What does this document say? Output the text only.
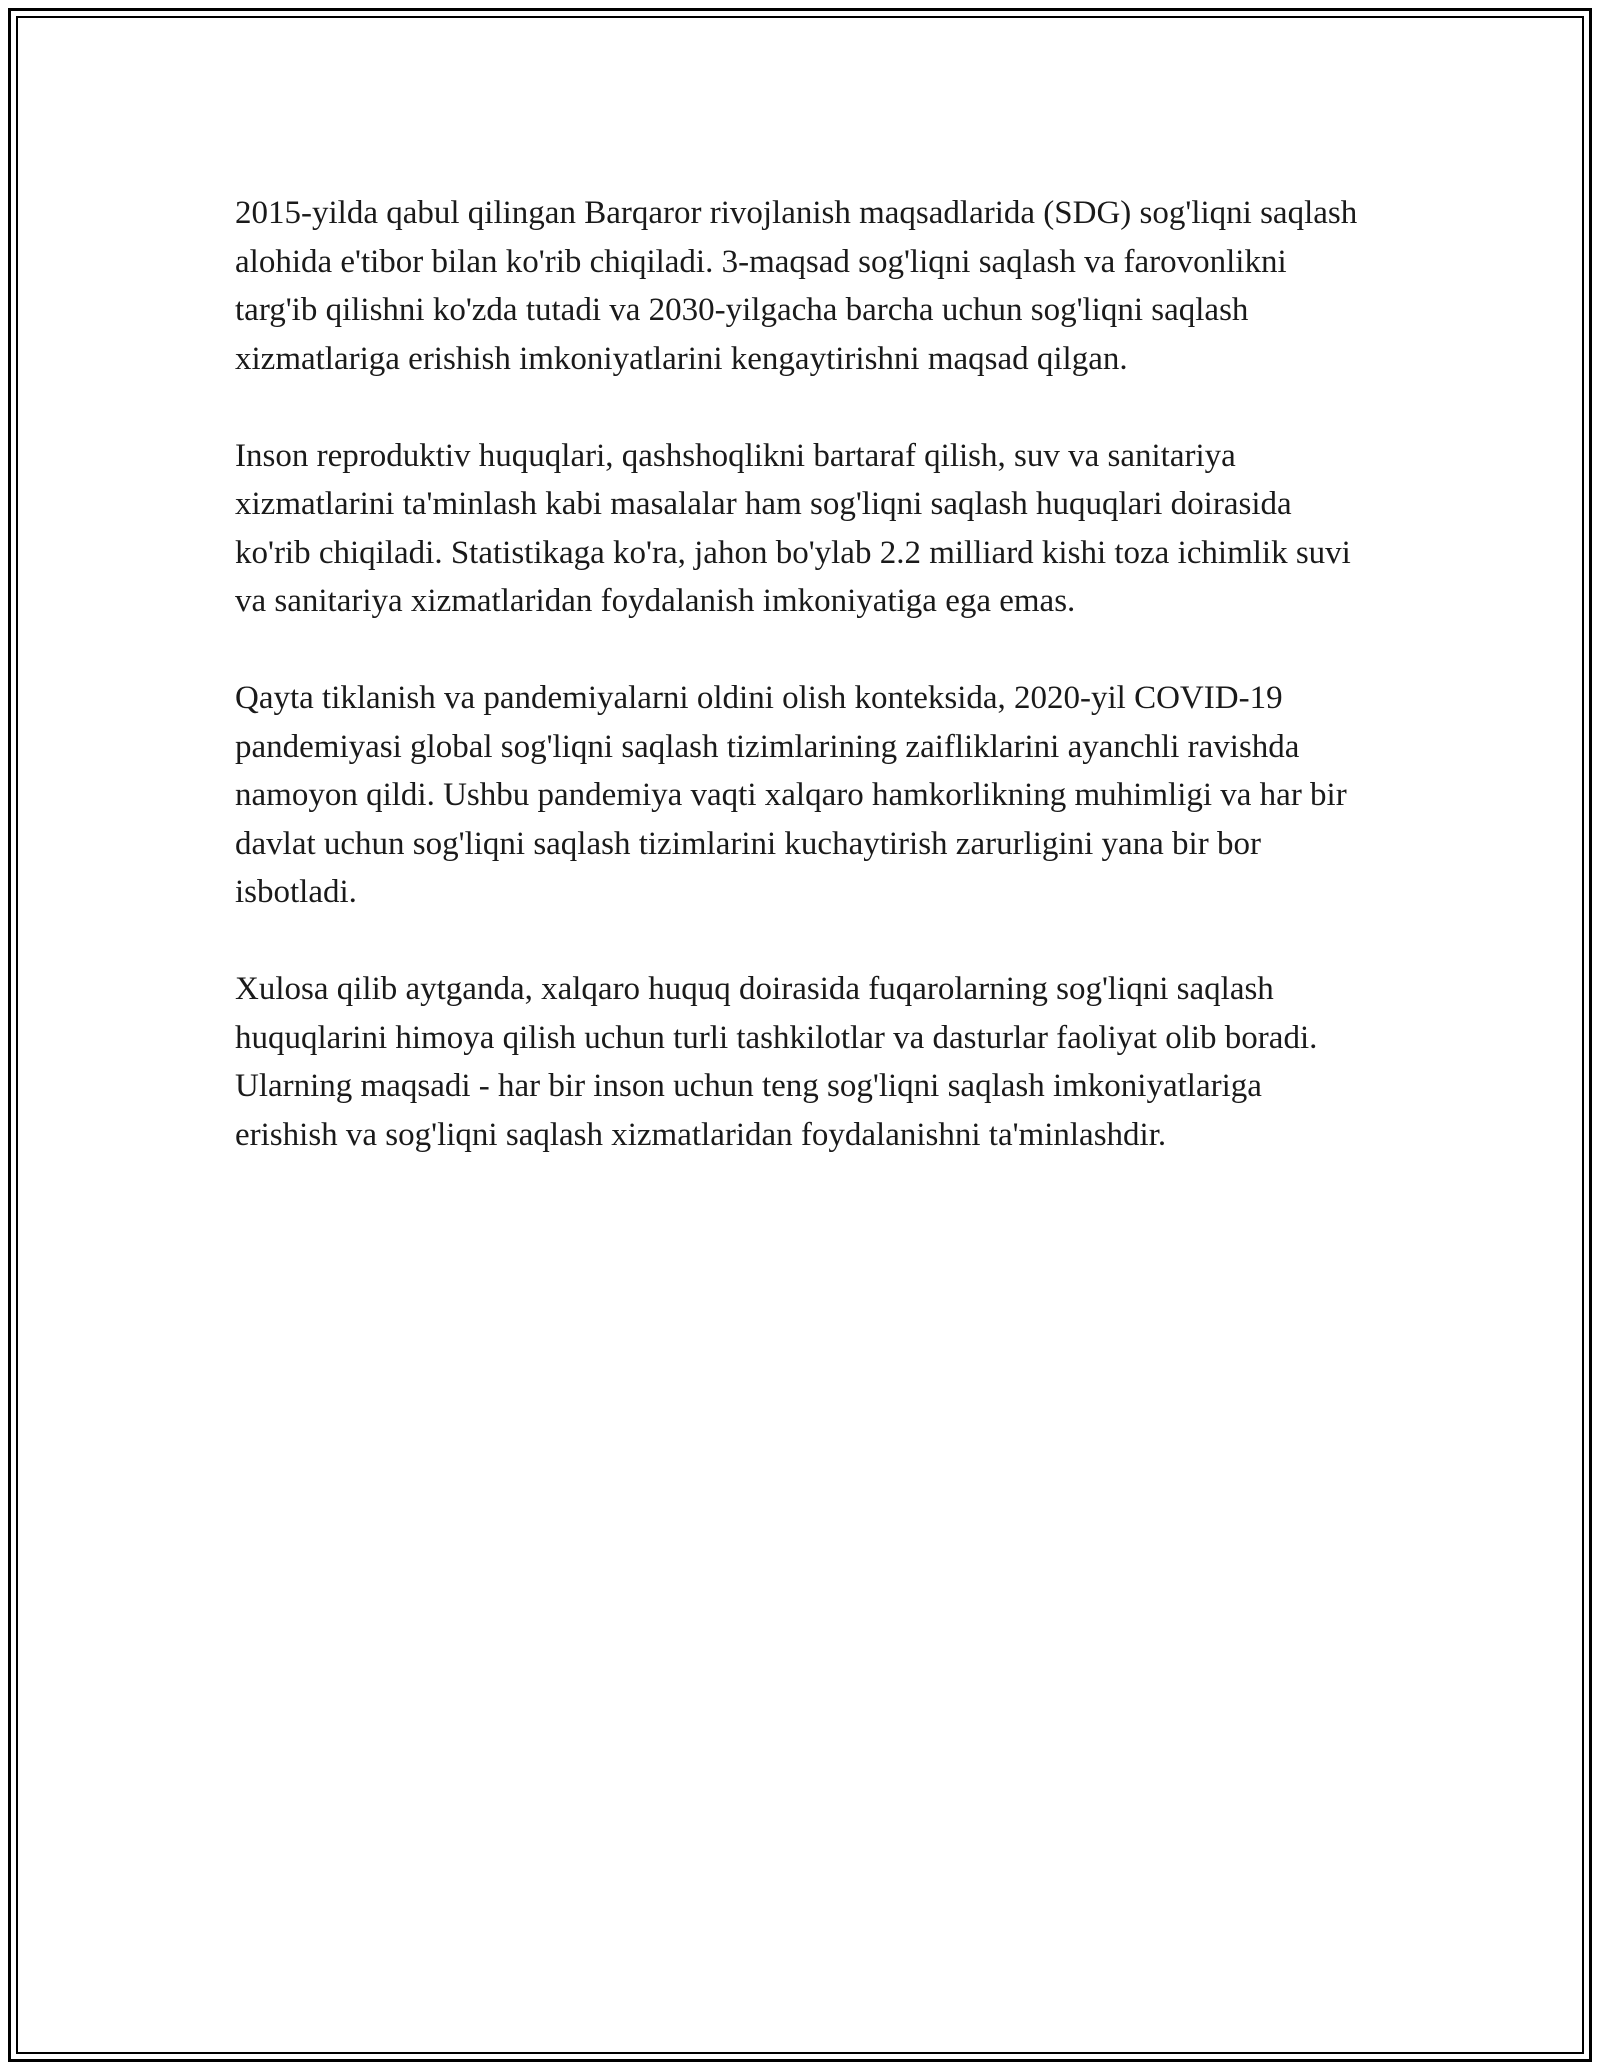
2015-yilda qabul qilingan Barqaror rivojlanish maqsadlarida (SDG) sog'liqni saqlash alohida e'tibor bilan ko'rib chiqiladi. 3-maqsad sog'liqni saqlash va farovonlikni targ'ib qilishni ko'zda tutadi va 2030-yilgacha barcha uchun sog'liqni saqlash xizmatlariga erishish imkoniyatlarini kengaytirishni maqsad qilgan.

Inson reproduktiv huquqlari, qashshoqlikni bartaraf qilish, suv va sanitariya xizmatlarini ta'minlash kabi masalalar ham sog'liqni saqlash huquqlari doirasida ko'rib chiqiladi. Statistikaga ko'ra, jahon bo'ylab 2.2 milliard kishi toza ichimlik suvi va sanitariya xizmatlaridan foydalanish imkoniyatiga ega emas.

Qayta tiklanish va pandemiyalarni oldini olish konteksida, 2020-yil COVID-19 pandemiyasi global sog'liqni saqlash tizimlarining zaifliklarini ayanchli ravishda namoyon qildi. Ushbu pandemiya vaqti xalqaro hamkorlikning muhimligi va har bir davlat uchun sog'liqni saqlash tizimlarini kuchaytirish zarurligini yana bir bor isbotladi.

Xulosa qilib aytganda, xalqaro huquq doirasida fuqarolarning sog'liqni saqlash huquqlarini himoya qilish uchun turli tashkilotlar va dasturlar faoliyat olib boradi. Ularning maqsadi - har bir inson uchun teng sog'liqni saqlash imkoniyatlariga erishish va sog'liqni saqlash xizmatlaridan foydalanishni ta'minlashdir.
